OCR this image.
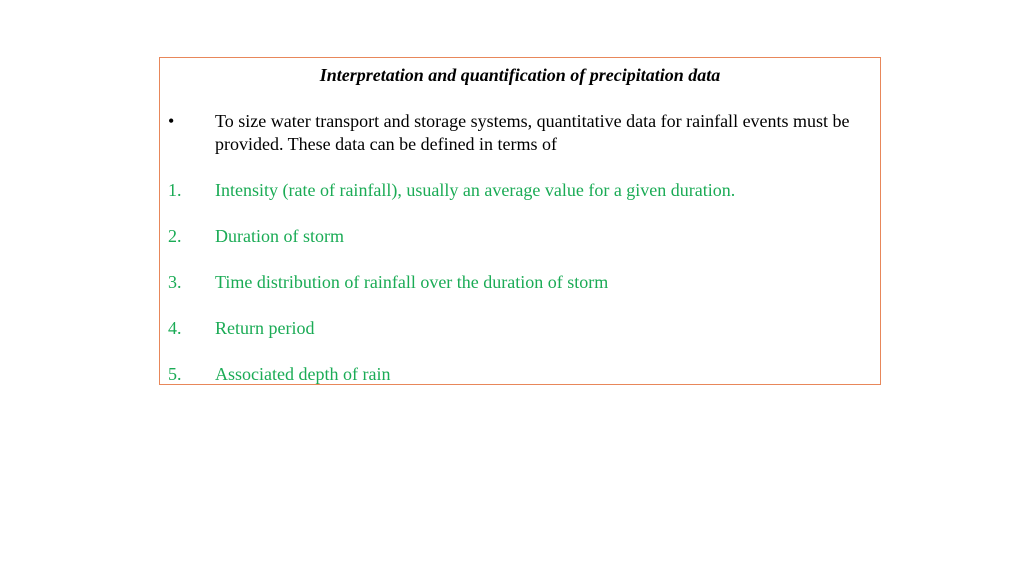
Interpretation and quantification of precipitation data
• To size water transport and storage systems, quantitative data for rainfall events must be provided. These data can be defined in terms of
1. Intensity (rate of rainfall), usually an average value for a given duration.
2. Duration of storm
3. Time distribution of rainfall over the duration of storm
4. Return period
5. Associated depth of rain
